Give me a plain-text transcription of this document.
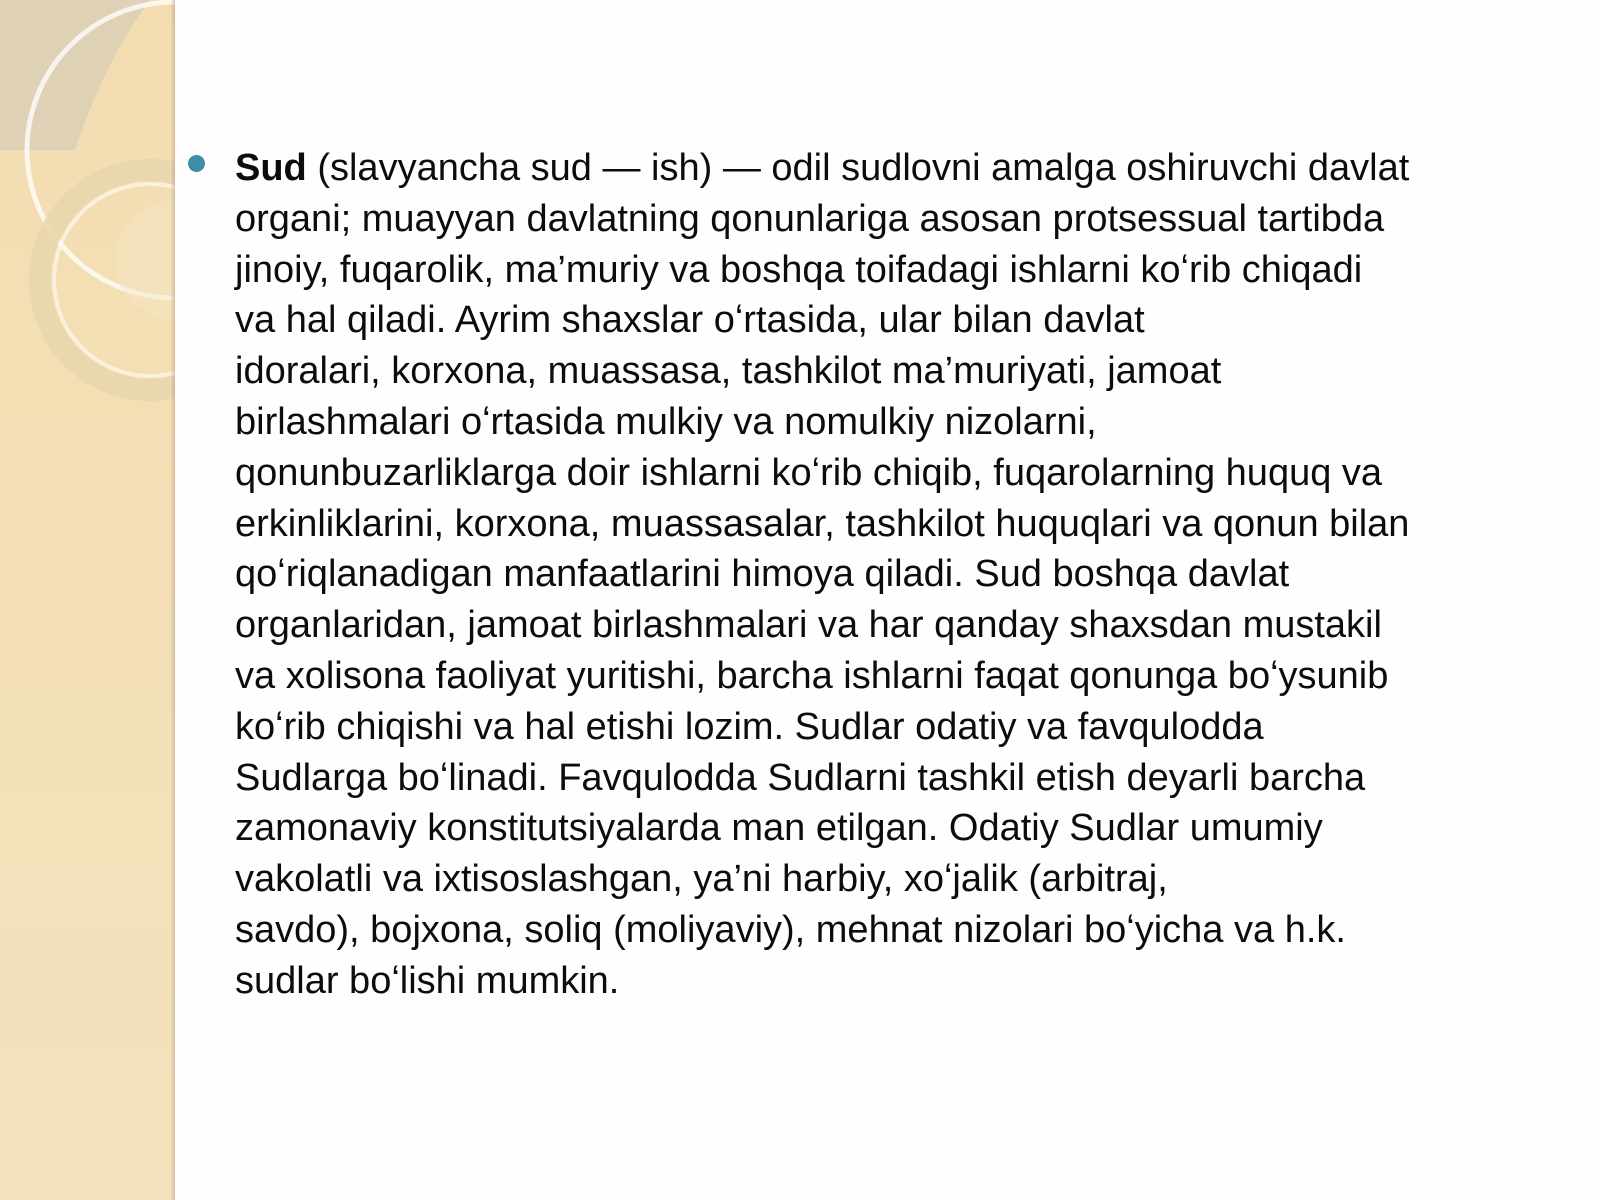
Sud (slavyancha sud — ish) — odil sudlovni amalga oshiruvchi davlat
organi; muayyan davlatning qonunlariga asosan protsessual tartibda
jinoiy, fuqarolik, ma’muriy va boshqa toifadagi ishlarni koʻrib chiqadi
va hal qiladi. Ayrim shaxslar oʻrtasida, ular bilan davlat
idoralari, korxona, muassasa, tashkilot ma’muriyati, jamoat
birlashmalari oʻrtasida mulkiy va nomulkiy nizolarni,
qonunbuzarliklarga doir ishlarni koʻrib chiqib, fuqarolarning huquq va
erkinliklarini, korxona, muassasalar, tashkilot huquqlari va qonun bilan
qoʻriqlanadigan manfaatlarini himoya qiladi. Sud boshqa davlat
organlaridan, jamoat birlashmalari va har qanday shaxsdan mustakil
va xolisona faoliyat yuritishi, barcha ishlarni faqat qonunga boʻysunib
koʻrib chiqishi va hal etishi lozim. Sudlar odatiy va favqulodda
Sudlarga boʻlinadi. Favqulodda Sudlarni tashkil etish deyarli barcha
zamonaviy konstitutsiyalarda man etilgan. Odatiy Sudlar umumiy
vakolatli va ixtisoslashgan, ya’ni harbiy, xoʻjalik (arbitraj,
savdo), bojxona, soliq (moliyaviy), mehnat nizolari boʻyicha va h.k.
sudlar boʻlishi mumkin.
